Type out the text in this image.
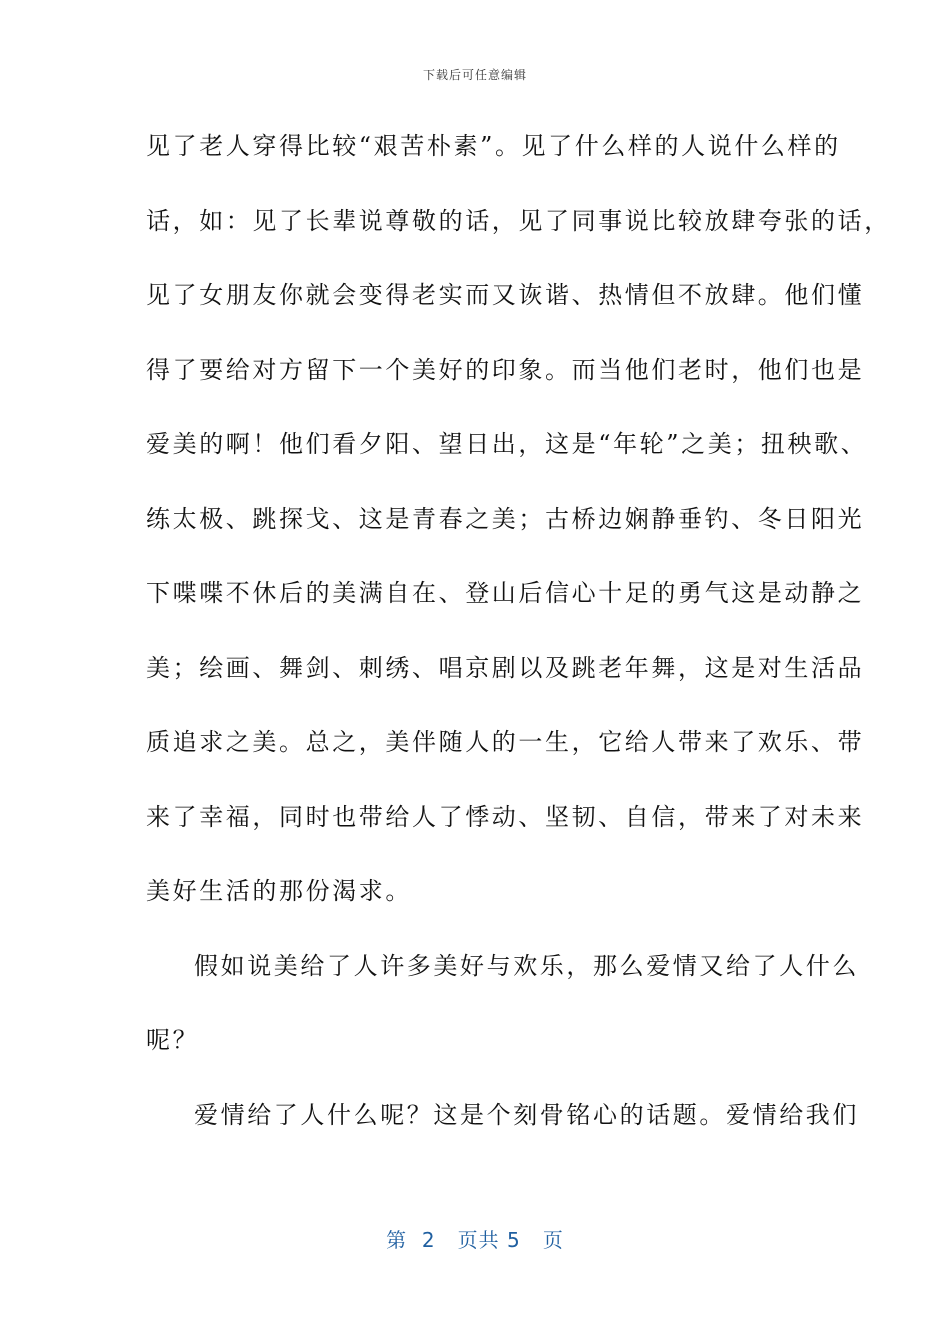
下载后可任意编辑
见了老人穿得比较“艰苦朴素”。见了什么样的人说什么样的
话，如：见了长辈说尊敬的话，见了同事说比较放肆夸张的话，
见了女朋友你就会变得老实而又诙谐、热情但不放肆。他们懂
得了要给对方留下一个美好的印象。而当他们老时，他们也是
爱美的啊！他们看夕阳、望日出，这是“年轮”之美；扭秧歌、
练太极、跳探戈、这是青春之美；古桥边娴静垂钓、冬日阳光
下喋喋不休后的美满自在、登山后信心十足的勇气这是动静之
美；绘画、舞剑、刺绣、唱京剧以及跳老年舞，这是对生活品
质追求之美。总之，美伴随人的一生，它给人带来了欢乐、带
来了幸福，同时也带给人了悸动、坚韧、自信，带来了对未来
美好生活的那份渴求。
假如说美给了人许多美好与欢乐，那么爱情又给了人什么
呢？
爱情给了人什么呢？这是个刻骨铭心的话题。爱情给我们
第 2 页共 5 页
